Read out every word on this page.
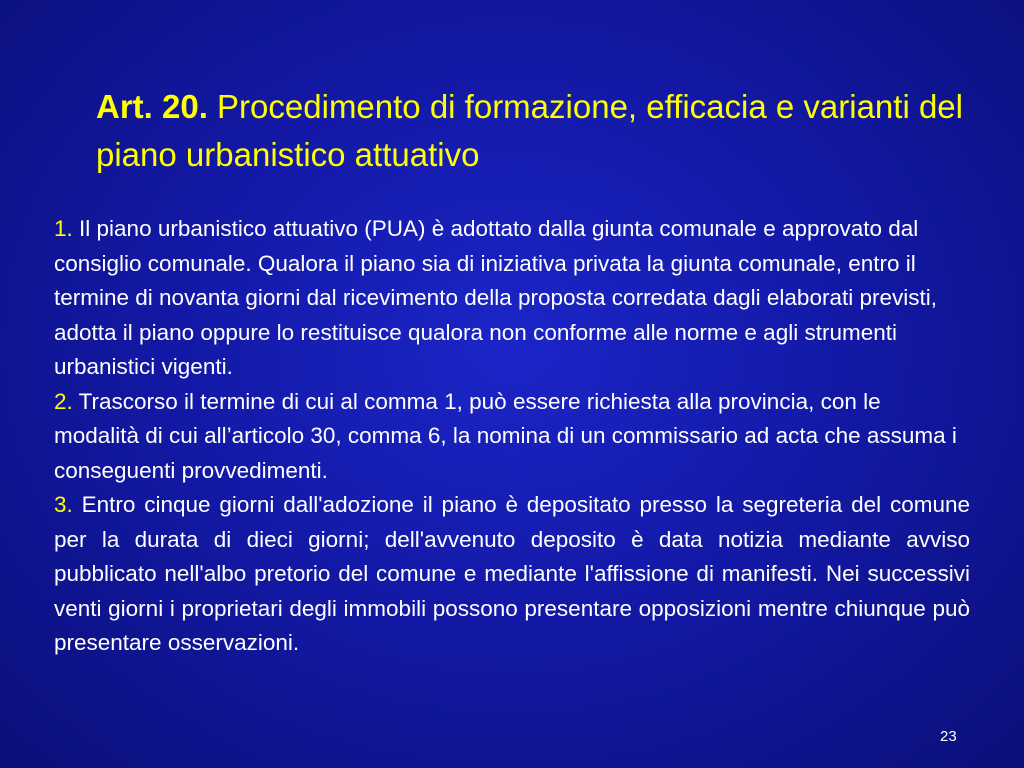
Art. 20. Procedimento di formazione, efficacia e varianti del piano urbanistico attuativo

1. Il piano urbanistico attuativo (PUA) è adottato dalla giunta comunale e approvato dal consiglio comunale. Qualora il piano sia di iniziativa privata la giunta comunale, entro il termine di novanta giorni dal ricevimento della proposta corredata dagli elaborati previsti, adotta il piano oppure lo restituisce qualora non conforme alle norme e agli strumenti urbanistici vigenti.

2. Trascorso il termine di cui al comma 1, può essere richiesta alla provincia, con le modalità di cui all’articolo 30, comma 6, la nomina di un commissario ad acta che assuma i conseguenti provvedimenti.

3. Entro cinque giorni dall'adozione il piano è depositato presso la segreteria del comune per la durata di dieci giorni; dell'avvenuto deposito è data notizia mediante avviso pubblicato nell'albo pretorio del comune e mediante l'affissione di manifesti. Nei successivi venti giorni i proprietari degli immobili possono presentare opposizioni mentre chiunque può presentare osservazioni.

23
